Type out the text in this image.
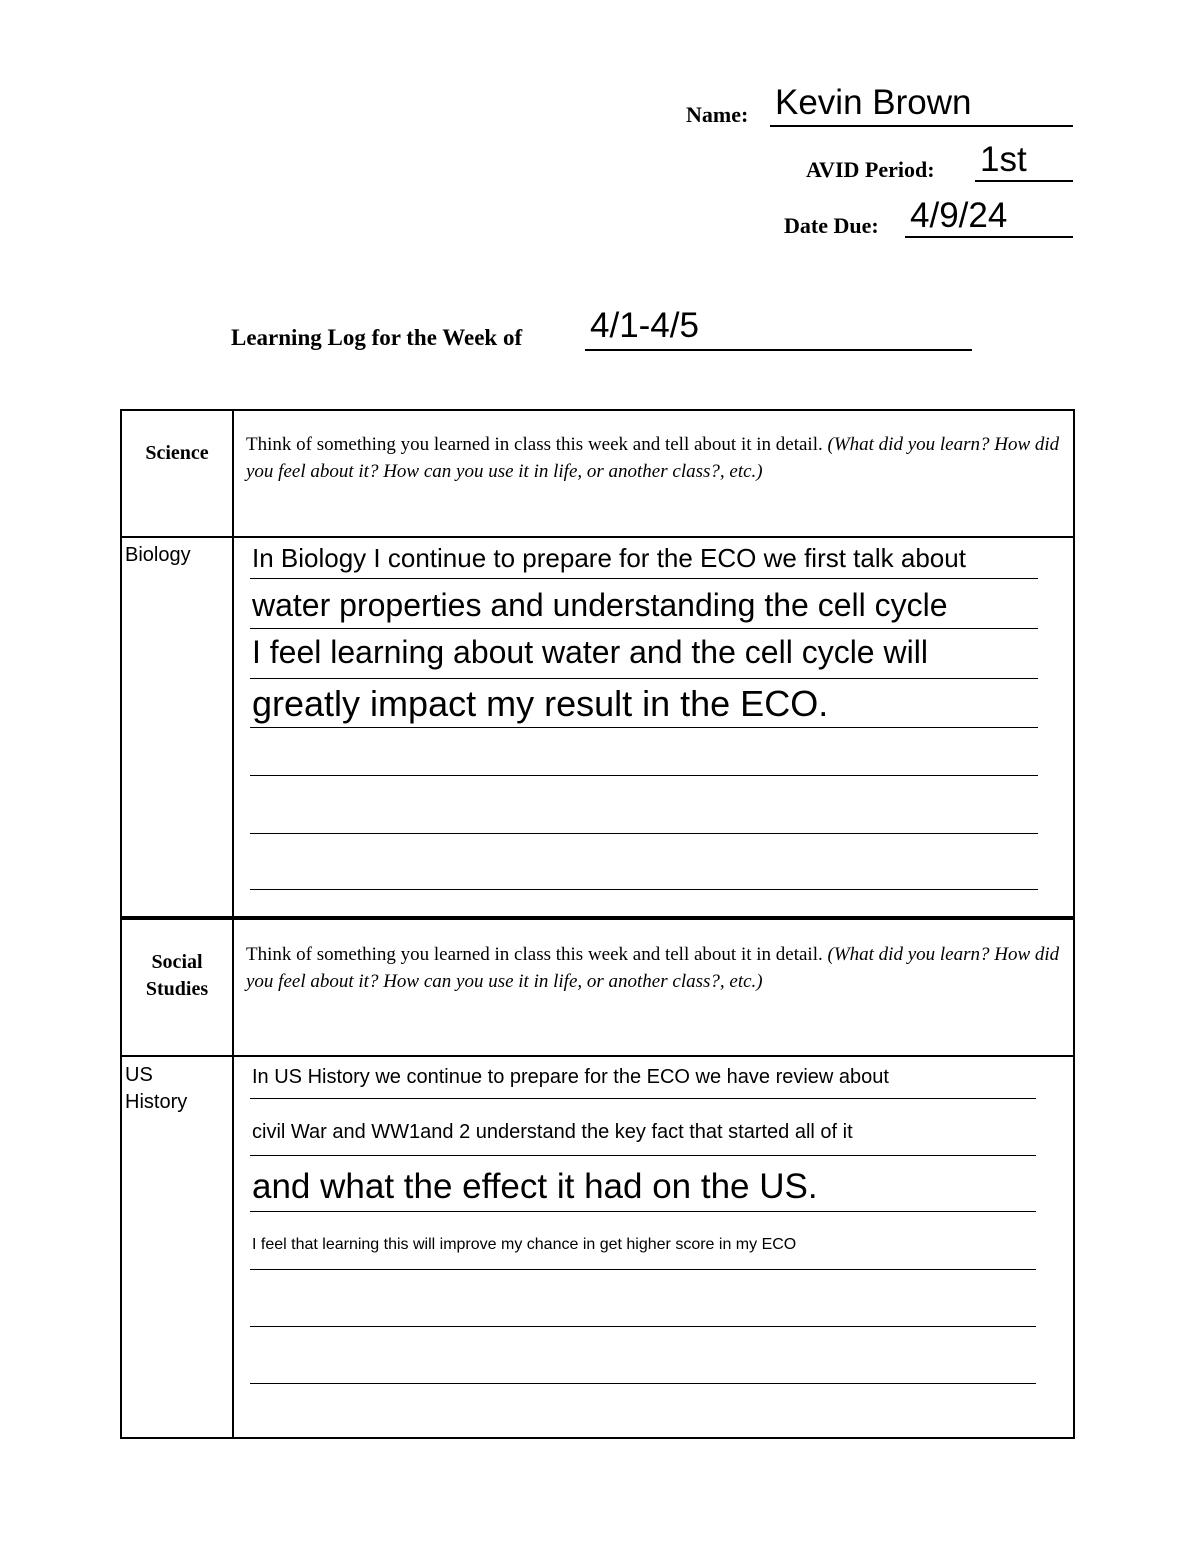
Name: Kevin Brown
AVID Period: 1st
Date Due: 4/9/24
Learning Log for the Week of 4/1-4/5
Science	Think of something you learned in class this week and tell about it in detail. (What did you learn? How did you feel about it? How can you use it in life, or another class?, etc.)
Biology In Biology I continue to prepare for the ECO we first talk about
water properties and understanding the cell cycle
I feel learning about water and the cell cycle will
greatly impact my result in the ECO.
Social
Studies
Think of something you learned in class this week and tell about it in detail. (What did you learn? How did you feel about it? How can you use it in life, or another class?, etc.)
US
History
In US History we continue to prepare for the ECO we have review about
civil War and WW1and 2 understand the key fact that started all of it
and what the effect it had on the US.
I feel that learning this will improve my chance in get higher score in my ECO
